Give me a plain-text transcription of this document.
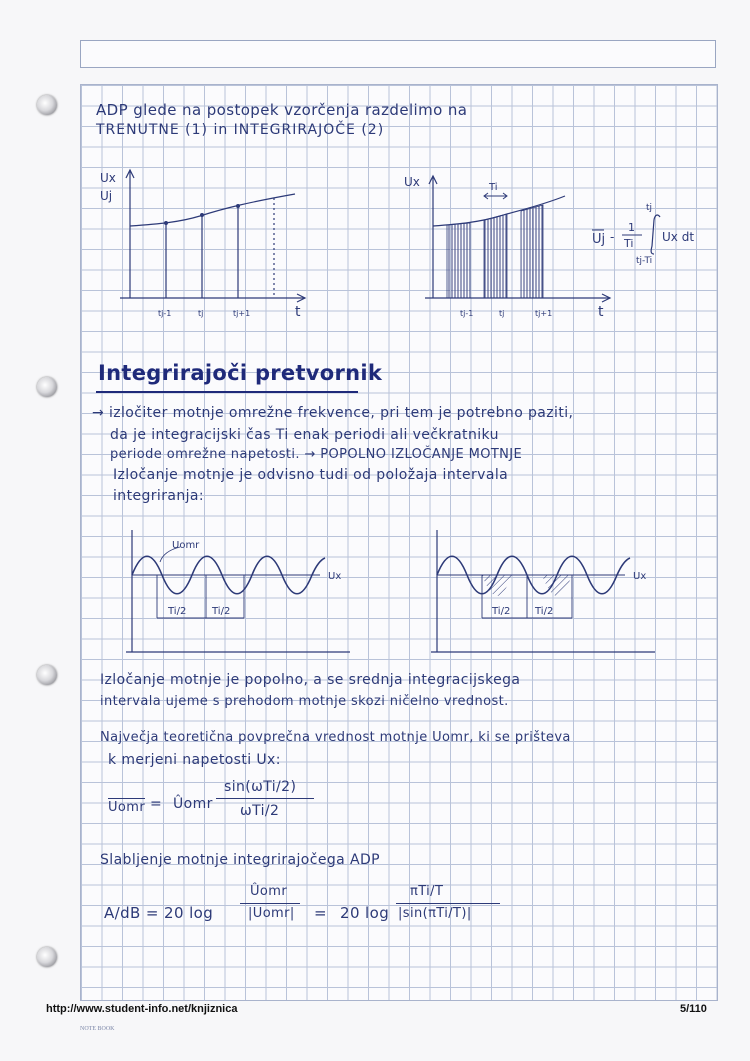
ADP glede na postopek vzorčenja razdelimo na
TRENUTNE (1) in INTEGRIRAJOČE (2)
Ux
Uj
tj-1	tj	tj+1	t
Ux	Ti
tj-1	tj	tj+1	t
Uj -
1
Ti
tj
Ux dt
tj-Ti
Integrirajoči pretvornik
→ izločiter motnje omrežne frekvence, pri tem je potrebno paziti,
da je integracijski čas Ti enak periodi ali večkratniku
periode omrežne napetosti. → POPOLNO IZLOČANJE MOTNJE
Izločanje motnje je odvisno tudi od položaja intervala
integriranja:
Uomr
Ux
Ti/2	Ti/2
Ux
Ti/2 Ti/2
Izločanje motnje je popolno, a se srednja integracijskega
intervala ujeme s prehodom motnje skozi ničelno vrednost.
Največja teoretična povprečna vrednost motnje Uomr, ki se prišteva
k merjeni napetosti Ux:
Uomr = Ûomr
sin(ωTi/2)
ωTi/2
Slabljenje motnje integrirajočega ADP
A/dB = 20 log
Ûomr
|Uomr| = 20 log
πTi/T
|sin(πTi/T)|
http://www.student-info.net/knjiznica	5/110
NOTE BOOK
